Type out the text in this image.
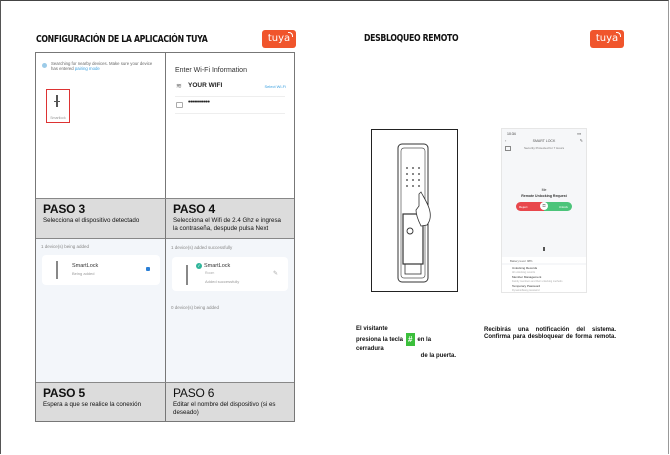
CONFIGURACIÓN DE LA APLICACIÓN TUYA	tuya
Searching for nearby devices. Make sure your device has entered pairing mode
Smartlock
Enter Wi-Fi Information
≋ YOUR WIFI	Select Wi-Fi
•••••••••••
PASO 3
Selecciona el dispositivo detectado
PASO 4
Selecciona el Wifi de 2.4 Ghz e ingresa la contraseña, despude pulsa Next
1 device(s) being added
SmartLock
Being added
1 device(s) added successfully
✓ SmartLock
Room
Added successfully
✎
0 device(s) being added
PASO 5
Espera a que se realice la conexión
PASO 6
Editar el nombre del dispositivo (si es deseado)
DESBLOQUEO REMOTO	tuya
10:34	▪▪▪
‹	SMART LOCK	✎
Security Protected for 7 Hours
Me
Remote Unlocking Request
Reject	Unlock
⚿
Battery level: 98%
Unlocking Records
All unlocking records
Member Management
Family members and their unlocking methods
Temporary Password
Dynamic/Easy password
El visitante
presiona la tecla # en la cerradura
de la puerta.
Recibirás una notificación del sistema. Confirma para desbloquear de forma remota.
